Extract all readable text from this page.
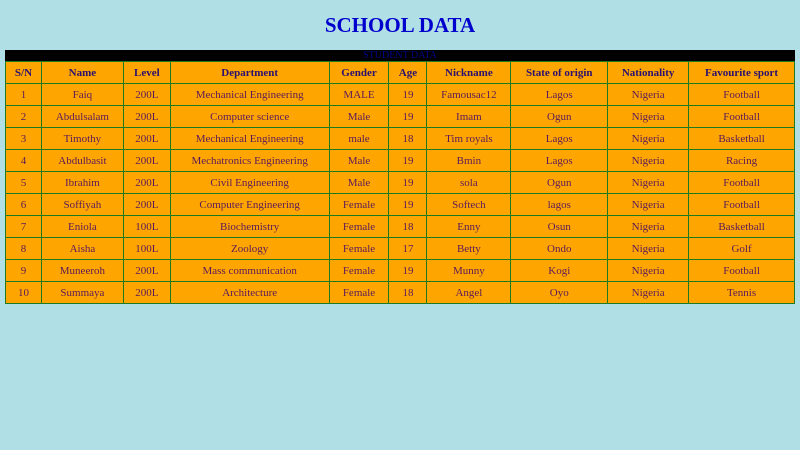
SCHOOL DATA
STUDENT DATA
S/N	Name	Level	Department	Gender	Age	Nickname	State of origin	Nationality	Favourite sport
1	Faiq	200L	Mechanical Engineering	MALE	19	Famousac12	Lagos	Nigeria	Football
2	Abdulsalam	200L	Computer science	Male	19	Imam	Ogun	Nigeria	Football
3	Timothy	200L	Mechanical Engineering	male	18	Tim royals	Lagos	Nigeria	Basketball
4	Abdulbasit	200L	Mechatronics Engineering	Male	19	Bmin	Lagos	Nigeria	Racing
5	Ibrahim	200L	Civil Engineering	Male	19	sola	Ogun	Nigeria	Football
6	Soffiyah	200L	Computer Engineering	Female	19	Softech	lagos	Nigeria	Football
7	Eniola	100L	Biochemistry	Female	18	Enny	Osun	Nigeria	Basketball
8	Aisha	100L	Zoology	Female	17	Betty	Ondo	Nigeria	Golf
9	Muneeroh	200L	Mass communication	Female	19	Munny	Kogi	Nigeria	Football
10	Summaya	200L	Architecture	Female	18	Angel	Oyo	Nigeria	Tennis
